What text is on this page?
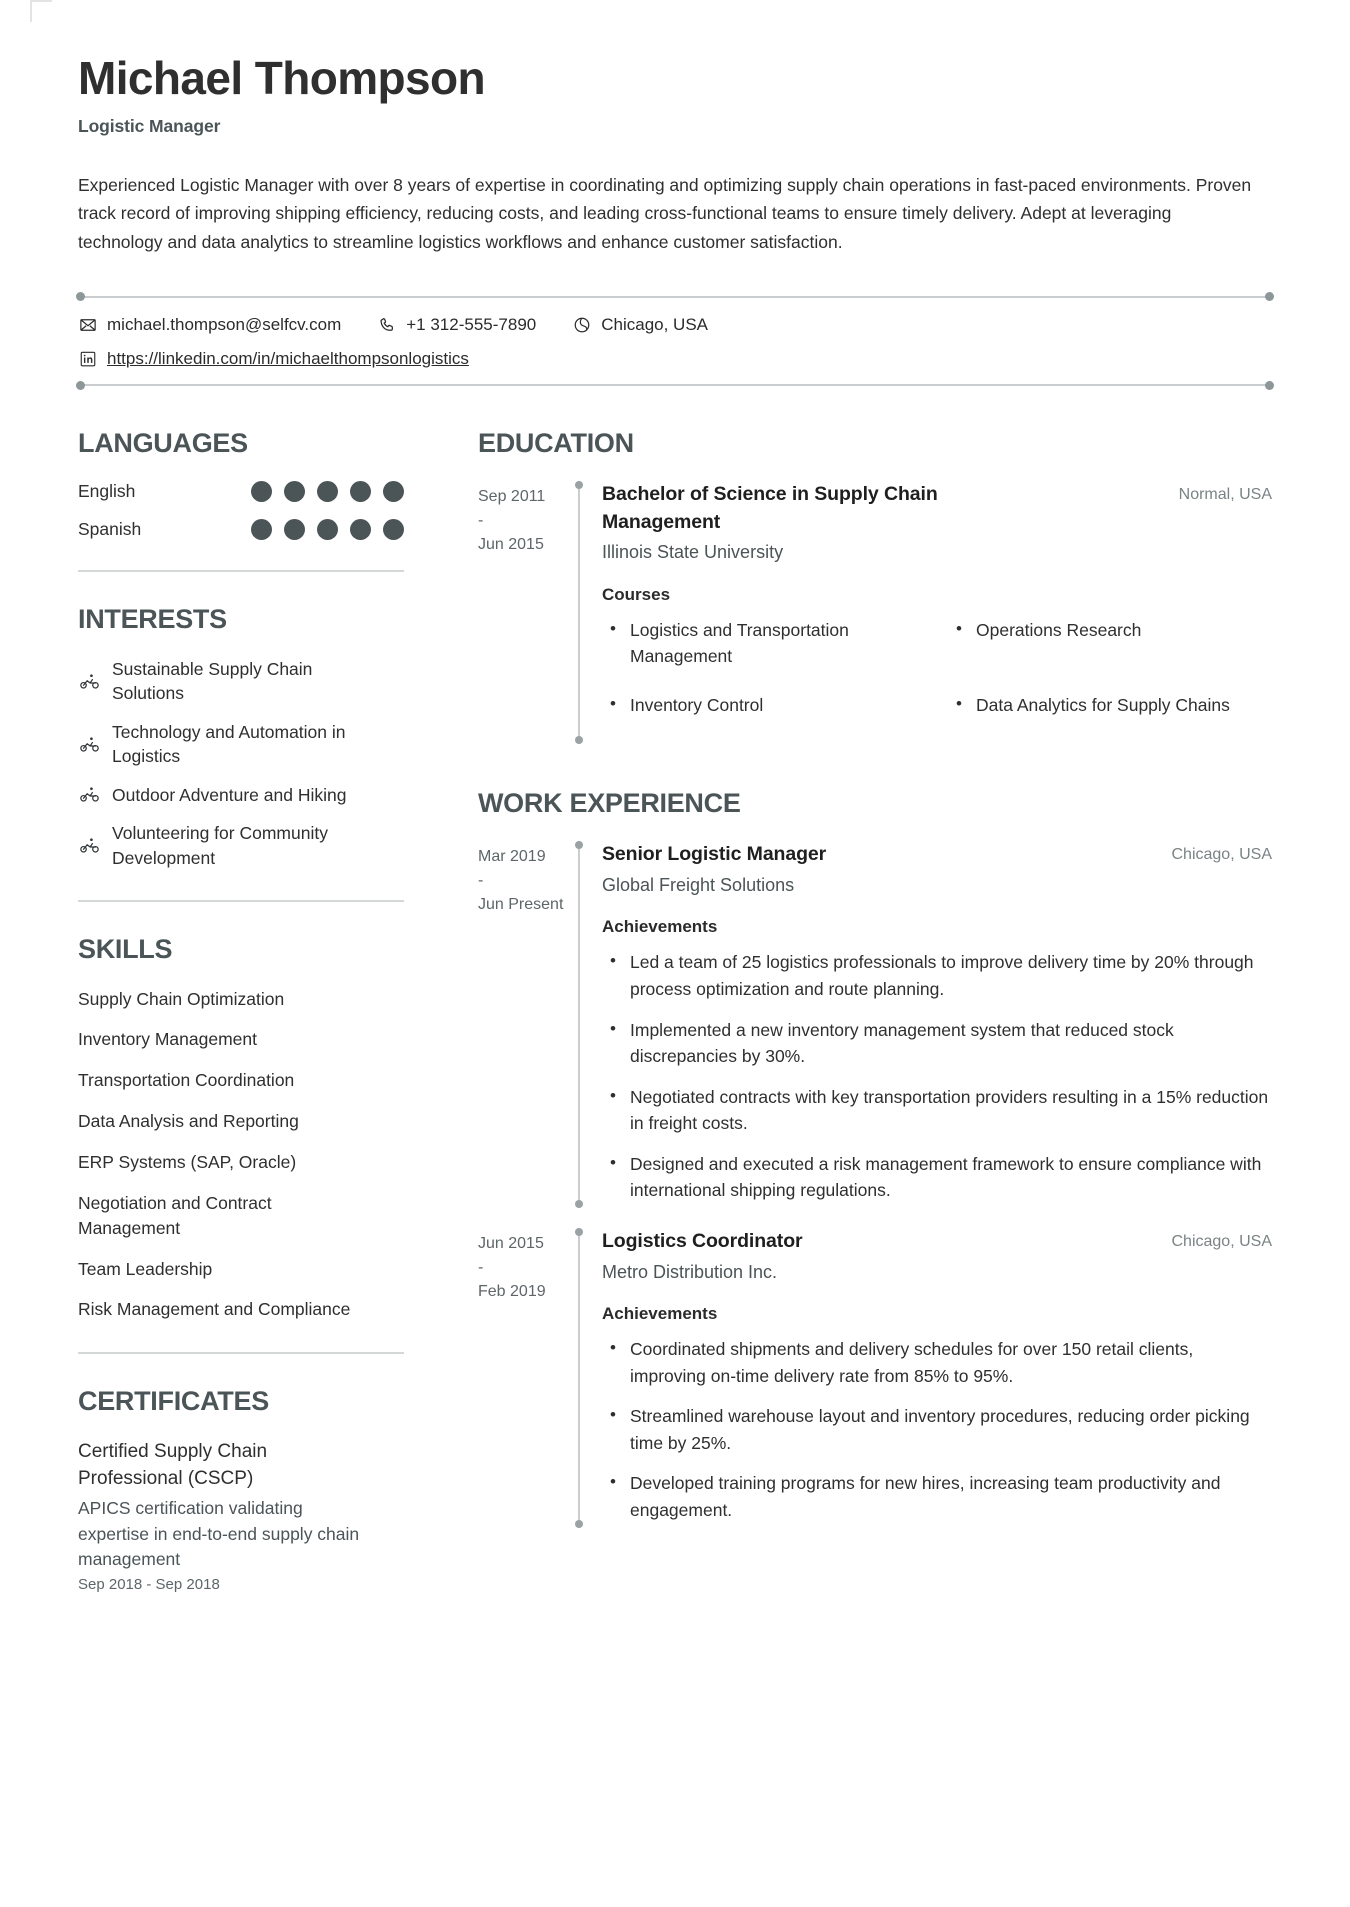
Michael Thompson
Logistic Manager
Experienced Logistic Manager with over 8 years of expertise in coordinating and optimizing supply chain operations in fast-paced environments. Proven track record of improving shipping efficiency, reducing costs, and leading cross-functional teams to ensure timely delivery. Adept at leveraging technology and data analytics to streamline logistics workflows and enhance customer satisfaction.
michael.thompson@selfcv.com	+1 312-555-7890	Chicago, USA
https://linkedin.com/in/michaelthompsonlogistics
LANGUAGES
English
Spanish
INTERESTS
Sustainable Supply Chain Solutions
Technology and Automation in Logistics
Outdoor Adventure and Hiking
Volunteering for Community Development
SKILLS
Supply Chain Optimization
Inventory Management
Transportation Coordination
Data Analysis and Reporting
ERP Systems (SAP, Oracle)
Negotiation and Contract Management
Team Leadership
Risk Management and Compliance
CERTIFICATES
Certified Supply Chain Professional (CSCP)
APICS certification validating expertise in end-to-end supply chain management
Sep 2018 - Sep 2018
EDUCATION
Sep 2011
-
Jun 2015
Bachelor of Science in Supply Chain Management
Normal, USA
Illinois State University
Courses
• Logistics and Transportation Management
• Operations Research
• Inventory Control	• Data Analytics for Supply Chains
WORK EXPERIENCE
Mar 2019
-
Jun Present
Senior Logistic Manager	Chicago, USA
Global Freight Solutions
Achievements
• Led a team of 25 logistics professionals to improve delivery time by 20% through process optimization and route planning.
• Implemented a new inventory management system that reduced stock discrepancies by 30%.
• Negotiated contracts with key transportation providers resulting in a 15% reduction in freight costs.
• Designed and executed a risk management framework to ensure compliance with international shipping regulations.
Jun 2015
-
Feb 2019
Logistics Coordinator	Chicago, USA
Metro Distribution Inc.
Achievements
• Coordinated shipments and delivery schedules for over 150 retail clients, improving on-time delivery rate from 85% to 95%.
• Streamlined warehouse layout and inventory procedures, reducing order picking time by 25%.
• Developed training programs for new hires, increasing team productivity and engagement.
